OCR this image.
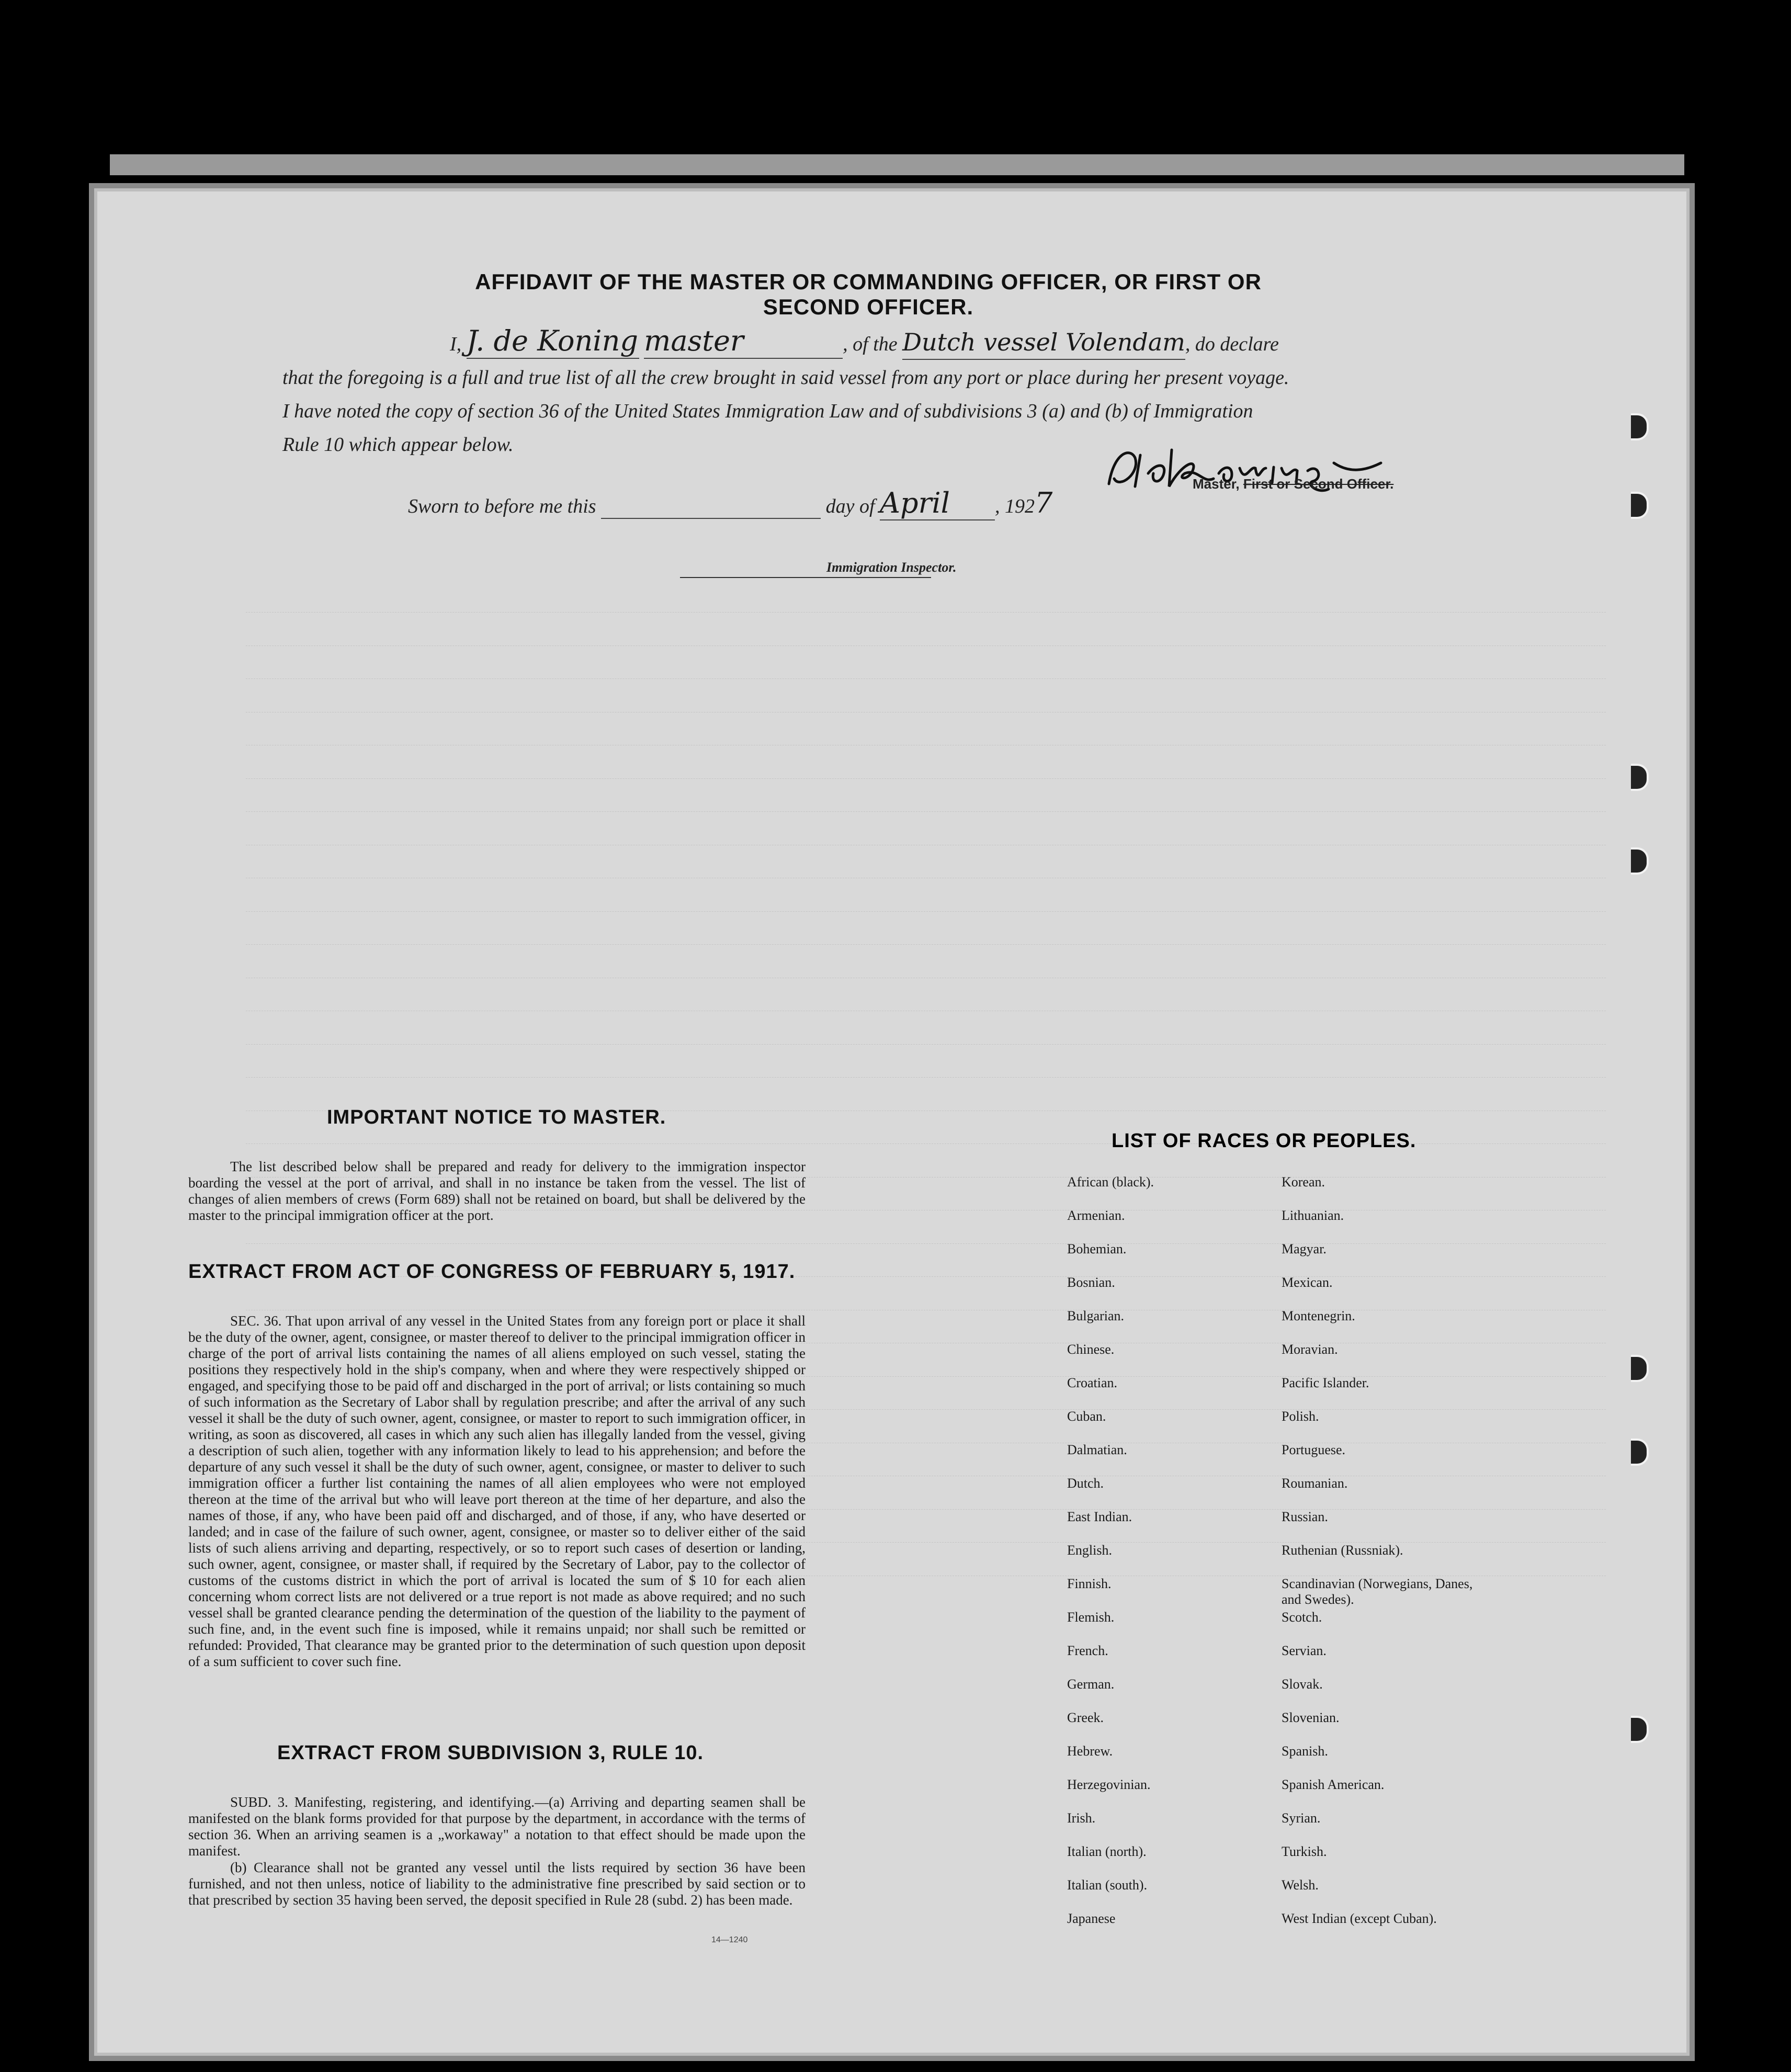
AFFIDAVIT OF THE MASTER OR COMMANDING OFFICER, OR FIRST OR SECOND OFFICER.
I, J. de Koning master	, of the Dutch vessel Volendam, do declare
that the foregoing is a full and true list of all the crew brought in said vessel from any port or place during her present voyage.
I have noted the copy of section 36 of the United States Immigration Law and of subdivisions 3 (a) and (b) of Immigration
Rule 10 which appear below.
Master, First or Second Officer.
Sworn to before me this	day of April , 1927
Immigration Inspector.
IMPORTANT NOTICE TO MASTER.
The list described below shall be prepared and ready for delivery to the immigration inspector boarding the vessel at the port of arrival, and shall in no instance be taken from the vessel. The list of changes of alien members of crews (Form 689) shall not be retained on board, but shall be delivered by the master to the principal immigration officer at the port.
EXTRACT FROM ACT OF CONGRESS OF FEBRUARY 5, 1917.
SEC. 36. That upon arrival of any vessel in the United States from any foreign port or place it shall be the duty of the owner, agent, consignee, or master thereof to deliver to the principal immigration officer in charge of the port of arrival lists containing the names of all aliens employed on such vessel, stating the positions they respectively hold in the ship's company, when and where they were respectively shipped or engaged, and specifying those to be paid off and discharged in the port of arrival; or lists containing so much of such information as the Secretary of Labor shall by regulation prescribe; and after the arrival of any such vessel it shall be the duty of such owner, agent, consignee, or master to report to such immigration officer, in writing, as soon as discovered, all cases in which any such alien has illegally landed from the vessel, giving a description of such alien, together with any information likely to lead to his apprehension; and before the departure of any such vessel it shall be the duty of such owner, agent, consignee, or master to deliver to such immigration officer a further list containing the names of all alien employees who were not employed thereon at the time of the arrival but who will leave port thereon at the time of her departure, and also the names of those, if any, who have been paid off and discharged, and of those, if any, who have deserted or landed; and in case of the failure of such owner, agent, consignee, or master so to deliver either of the said lists of such aliens arriving and departing, respectively, or so to report such cases of desertion or landing, such owner, agent, consignee, or master shall, if required by the Secretary of Labor, pay to the collector of customs of the customs district in which the port of arrival is located the sum of $ 10 for each alien concerning whom correct lists are not delivered or a true report is not made as above required; and no such vessel shall be granted clearance pending the determination of the question of the liability to the payment of such fine, and, in the event such fine is imposed, while it remains unpaid; nor shall such be remitted or refunded: Provided, That clearance may be granted prior to the determination of such question upon deposit of a sum sufficient to cover such fine.
EXTRACT FROM SUBDIVISION 3, RULE 10.
SUBD. 3. Manifesting, registering, and identifying.—(a) Arriving and departing seamen shall be manifested on the blank forms provided for that purpose by the department, in accordance with the terms of section 36. When an arriving seamen is a „workaway" a notation to that effect should be made upon the manifest.
(b) Clearance shall not be granted any vessel until the lists required by section 36 have been furnished, and not then unless, notice of liability to the administrative fine prescribed by said section or to that prescribed by section 35 having been served, the deposit specified in Rule 28 (subd. 2) has been made.
LIST OF RACES OR PEOPLES.
African (black).	Korean.
Armenian.	Lithuanian.
Bohemian.	Magyar.
Bosnian.	Mexican.
Bulgarian.	Montenegrin.
Chinese.	Moravian.
Croatian.	Pacific Islander.
Cuban.	Polish.
Dalmatian.	Portuguese.
Dutch.	Roumanian.
East Indian.	Russian.
English.	Ruthenian (Russniak).
Finnish.	Scandinavian (Norwegians, Danes, and Swedes).
Flemish.	Scotch.
French.	Servian.
German.	Slovak.
Greek.	Slovenian.
Hebrew.	Spanish.
Herzegovinian.	Spanish American.
Irish.	Syrian.
Italian (north).	Turkish.
Italian (south).	Welsh.
Japanese	West Indian (except Cuban).
14—1240
